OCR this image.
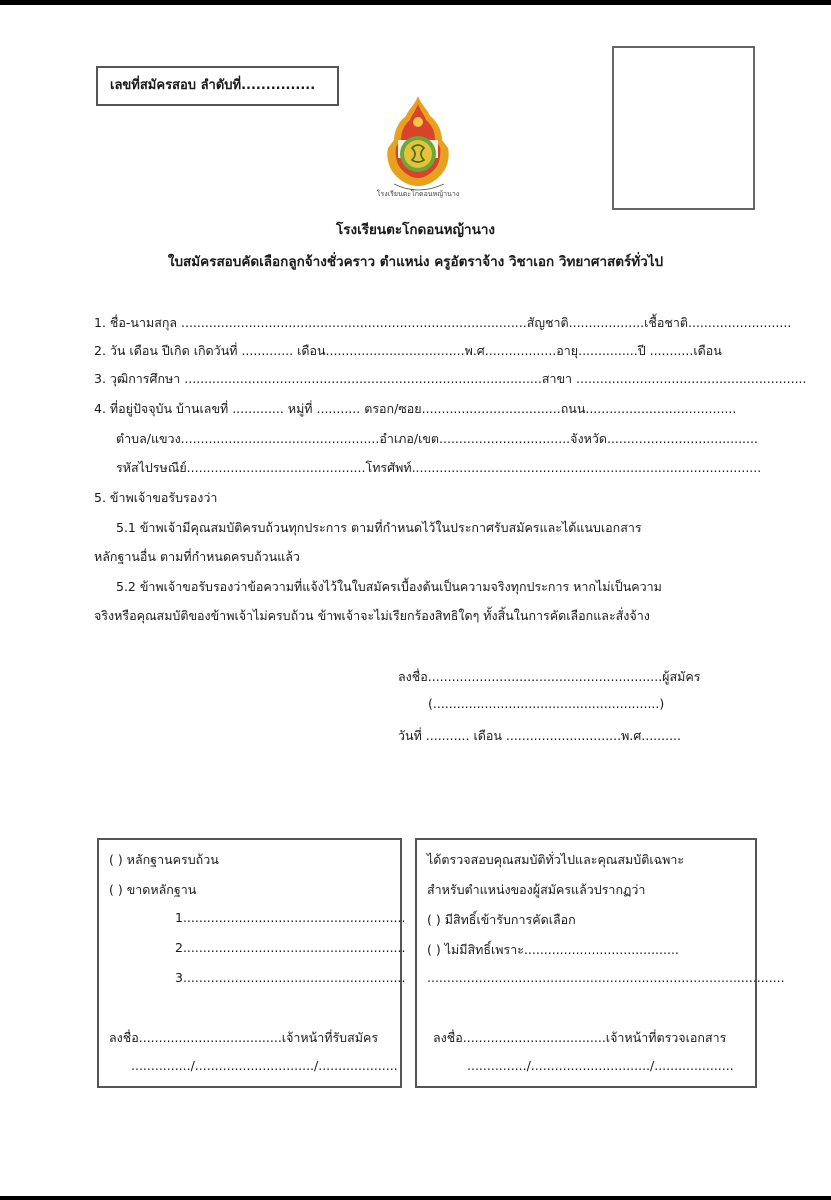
เลขที่สมัครสอบ ลำดับที่...............
โรงเรียนตะโกดอนหญ้านาง
โรงเรียนตะโกดอนหญ้านาง
ใบสมัครสอบคัดเลือกลูกจ้างชั่วคราว ตำแหน่ง ครูอัตราจ้าง วิชาเอก วิทยาศาสตร์ทั่วไป
1. ชื่อ-นามสกุล .......................................................................................สัญชาติ...................เชื้อชาติ..........................
2. วัน เดือน ปีเกิด เกิดวันที่ ............. เดือน...................................พ.ศ..................อายุ...............ปี ...........เดือน
3. วุฒิการศึกษา ..........................................................................................สาขา ..........................................................
4. ที่อยู่ปัจจุบัน บ้านเลขที่ ............. หมู่ที่ ........... ตรอก/ซอย...................................ถนน......................................
ตำบล/แขวง..................................................อำเภอ/เขต.................................จังหวัด......................................
รหัสไปรษณีย์.............................................โทรศัพท์........................................................................................
5. ข้าพเจ้าขอรับรองว่า
5.1 ข้าพเจ้ามีคุณสมบัติครบถ้วนทุกประการ ตามที่กำหนดไว้ในประกาศรับสมัครและได้แนบเอกสาร
หลักฐานอื่น ตามที่กำหนดครบถ้วนแล้ว
5.2 ข้าพเจ้าขอรับรองว่าข้อความที่แจ้งไว้ในใบสมัครเบื้องต้นเป็นความจริงทุกประการ หากไม่เป็นความ
จริงหรือคุณสมบัติของข้าพเจ้าไม่ครบถ้วน ข้าพเจ้าจะไม่เรียกร้องสิทธิใดๆ ทั้งสิ้นในการคัดเลือกและสั่งจ้าง
ลงชื่อ...........................................................ผู้สมัคร
(.........................................................)
วันที่ ........... เดือน .............................พ.ศ..........
( ) หลักฐานครบถ้วน
( ) ขาดหลักฐาน
1........................................................
2........................................................
3........................................................
ลงชื่อ....................................เจ้าหน้าที่รับสมัคร
.............../............................../....................
ได้ตรวจสอบคุณสมบัติทั่วไปและคุณสมบัติเฉพาะ
สำหรับตำแหน่งของผู้สมัครแล้วปรากฏว่า
( ) มีสิทธิ์เข้ารับการคัดเลือก
( ) ไม่มีสิทธิ์เพราะ.......................................
..........................................................................................
ลงชื่อ....................................เจ้าหน้าที่ตรวจเอกสาร
.............../............................../....................
